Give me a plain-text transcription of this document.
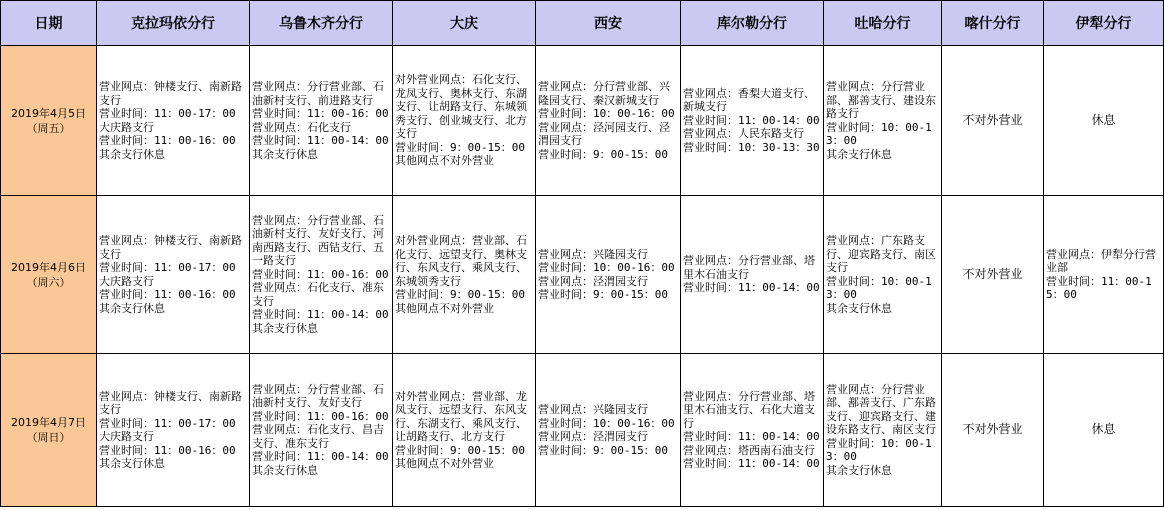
日期	克拉玛依分行	乌鲁木齐分行	大庆	西安	库尔勒分行	吐哈分行	喀什分行	伊犁分行

2019年4月5日
（周五）	营业网点：钟楼支行、南新路支行
营业时间：11：00-17：00
大庆路支行
营业时间：11：00-16：00
其余支行休息	营业网点：分行营业部、石油新村支行、前进路支行
营业时间：11：00-16：00
营业网点：石化支行
营业时间：11：00-14：00
其余支行休息	对外营业网点：石化支行、龙凤支行、奥林支行、东湖支行、让胡路支行、东城领秀支行、创业城支行、北方支行
营业时间：9：00-15：00
其他网点不对外营业	营业网点：分行营业部、兴隆园支行、秦汉新城支行
营业时间：10：00-16：00
营业网点：泾河园支行、泾渭园支行
营业时间：9：00-15：00	营业网点：香梨大道支行、新城支行
营业时间：11：00-14：00
营业网点：人民东路支行
营业时间：10：30-13：30	营业网点：分行营业部、鄯善支行、建设东路支行
营业时间：10：00-13：00
其余支行休息	不对外营业	休息

2019年4月6日
（周六）	营业网点：钟楼支行、南新路支行
营业时间：11：00-17：00
大庆路支行
营业时间：11：00-16：00
其余支行休息	营业网点：分行营业部、石油新村支行、友好支行、河南西路支行、西钻支行、五一路支行
营业时间：11：00-16：00
营业网点：石化支行、准东支行
营业时间：11：00-14：00
其余支行休息	对外营业网点：营业部、石化支行、远望支行、奥林支行、东风支行、乘风支行、东城领秀支行
营业时间：9：00-15：00
其他网点不对外营业	营业网点：兴隆园支行
营业时间：10：00-16：00
营业网点：泾渭园支行
营业时间：9：00-15：00	营业网点：分行营业部、塔里木石油支行
营业时间：11：00-14：00	营业网点：广东路支行、迎宾路支行、南区支行
营业时间：10：00-13：00
其余支行休息	不对外营业	营业网点：伊犁分行营业部
营业时间：11：00-15：00

2019年4月7日
（周日）	营业网点：钟楼支行、南新路支行
营业时间：11：00-17：00
大庆路支行
营业时间：11：00-16：00
其余支行休息	营业网点：分行营业部、石油新村支行、友好支行
营业时间：11：00-16：00
营业网点：石化支行、昌吉支行、准东支行
营业时间：11：00-14：00
其余支行休息	对外营业网点：营业部、龙凤支行、远望支行、东风支行、东湖支行、乘风支行、让胡路支行、北方支行
营业时间：9：00-15：00
其他网点不对外营业	营业网点：兴隆园支行
营业时间：10：00-16：00
营业网点：泾渭园支行
营业时间：9：00-15：00	营业网点：分行营业部、塔里木石油支行、石化大道支行
营业时间：11：00-14：00
营业网点：塔西南石油支行
营业时间：11：00-14：00	营业网点：分行营业部、鄯善支行、广东路支行、迎宾路支行、建设东路支行、南区支行
营业时间：10：00-13：00
其余支行休息	不对外营业	休息
